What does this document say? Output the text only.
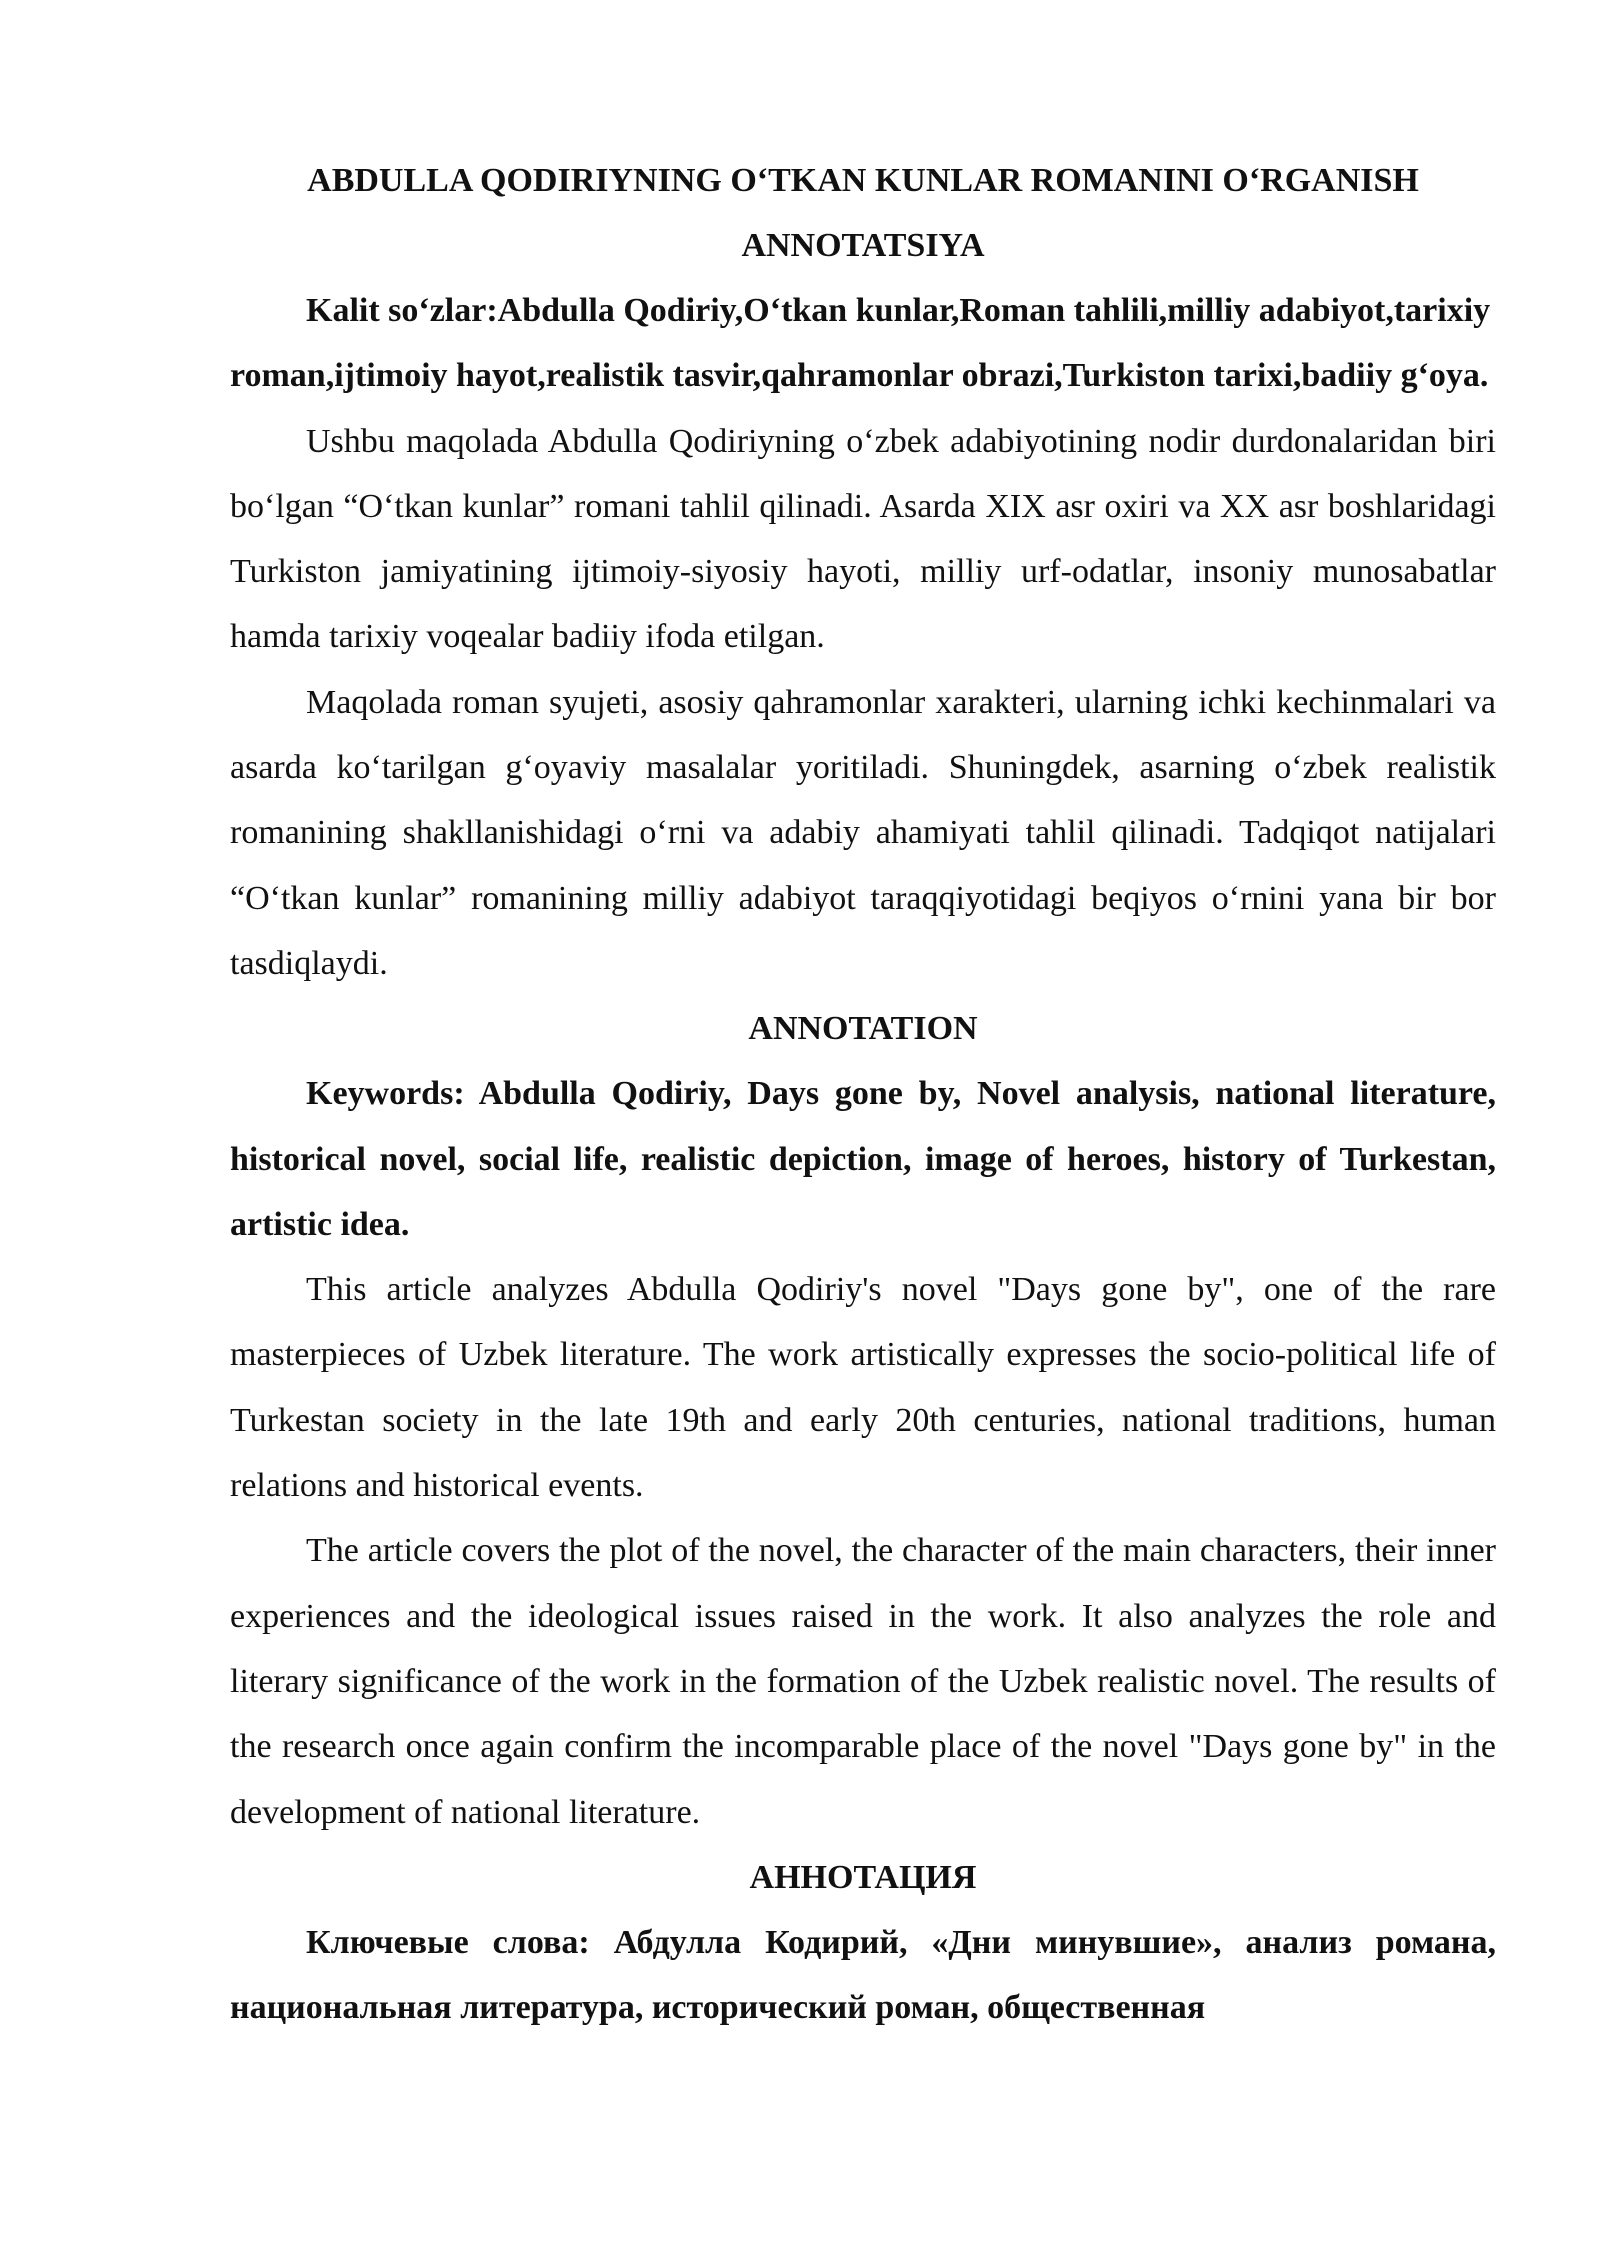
ABDULLA QODIRIYNING O‘TKAN KUNLAR ROMANINI O‘RGANISH

ANNOTATSIYA

Kalit so‘zlar:Abdulla Qodiriy,O‘tkan kunlar,Roman tahlili,milliy adabiyot,tarixiy roman,ijtimoiy hayot,realistik tasvir,qahramonlar obrazi,Turkiston tarixi,badiiy g‘oya.

Ushbu maqolada Abdulla Qodiriyning o‘zbek adabiyotining nodir durdonalaridan biri bo‘lgan “O‘tkan kunlar” romani tahlil qilinadi. Asarda XIX asr oxiri va XX asr boshlaridagi Turkiston jamiyatining ijtimoiy-siyosiy hayoti, milliy urf-odatlar, insoniy munosabatlar hamda tarixiy voqealar badiiy ifoda etilgan.

Maqolada roman syujeti, asosiy qahramonlar xarakteri, ularning ichki kechinmalari va asarda ko‘tarilgan g‘oyaviy masalalar yoritiladi. Shuningdek, asarning o‘zbek realistik romanining shakllanishidagi o‘rni va adabiy ahamiyati tahlil qilinadi. Tadqiqot natijalari “O‘tkan kunlar” romanining milliy adabiyot taraqqiyotidagi beqiyos o‘rnini yana bir bor tasdiqlaydi.

ANNOTATION

Keywords: Abdulla Qodiriy, Days gone by, Novel analysis, national literature, historical novel, social life, realistic depiction, image of heroes, history of Turkestan, artistic idea.

This article analyzes Abdulla Qodiriy's novel "Days gone by", one of the rare masterpieces of Uzbek literature. The work artistically expresses the socio-political life of Turkestan society in the late 19th and early 20th centuries, national traditions, human relations and historical events.

The article covers the plot of the novel, the character of the main characters, their inner experiences and the ideological issues raised in the work. It also analyzes the role and literary significance of the work in the formation of the Uzbek realistic novel. The results of the research once again confirm the incomparable place of the novel "Days gone by" in the development of national literature.

АННОТАЦИЯ

Ключевые слова: Абдулла Кодирий, «Дни минувшие», анализ романа, национальная литература, исторический роман, общественная
